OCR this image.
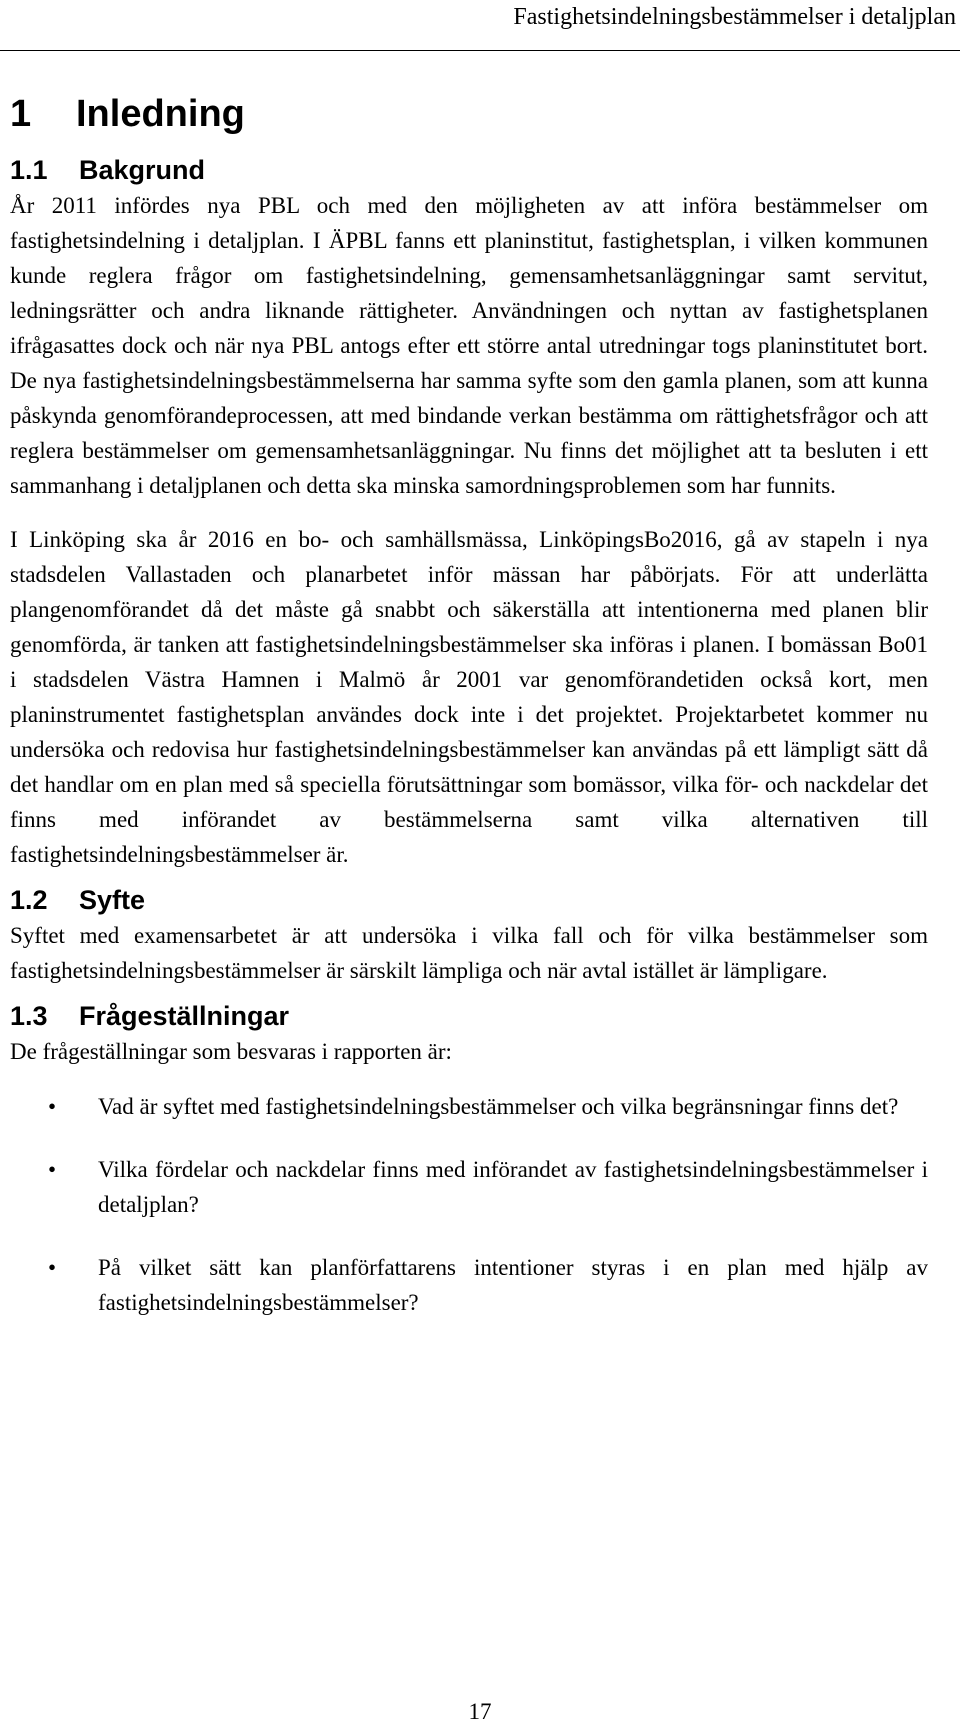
Fastighetsindelningsbestämmelser i detaljplan
1 Inledning
1.1 Bakgrund

År 2011 infördes nya PBL och med den möjligheten av att införa bestämmelser om fastighetsindelning i detaljplan. I ÄPBL fanns ett planinstitut, fastighetsplan, i vilken kommunen kunde reglera frågor om fastighetsindelning, gemensamhetsanläggningar samt servitut, ledningsrätter och andra liknande rättigheter. Användningen och nyttan av fastighetsplanen ifrågasattes dock och när nya PBL antogs efter ett större antal utredningar togs planinstitutet bort. De nya fastighetsindelningsbestämmelserna har samma syfte som den gamla planen, som att kunna påskynda genomförandeprocessen, att med bindande verkan bestämma om rättighetsfrågor och att reglera bestämmelser om gemensamhetsanläggningar. Nu finns det möjlighet att ta besluten i ett sammanhang i detaljplanen och detta ska minska samordningsproblemen som har funnits.

I Linköping ska år 2016 en bo- och samhällsmässa, LinköpingsBo2016, gå av stapeln i nya stadsdelen Vallastaden och planarbetet inför mässan har påbörjats. För att underlätta plangenomförandet då det måste gå snabbt och säkerställa att intentionerna med planen blir genomförda, är tanken att fastighetsindelningsbestämmelser ska införas i planen. I bomässan Bo01 i stadsdelen Västra Hamnen i Malmö år 2001 var genomförandetiden också kort, men planinstrumentet fastighetsplan användes dock inte i det projektet. Projektarbetet kommer nu undersöka och redovisa hur fastighetsindelningsbestämmelser kan användas på ett lämpligt sätt då det handlar om en plan med så speciella förutsättningar som bomässor, vilka för- och nackdelar det finns med införandet av bestämmelserna samt vilka alternativen till fastighetsindelningsbestämmelser är.

1.2 Syfte

Syftet med examensarbetet är att undersöka i vilka fall och för vilka bestämmelser som fastighetsindelningsbestämmelser är särskilt lämpliga och när avtal istället är lämpligare.

1.3 Frågeställningar

De frågeställningar som besvaras i rapporten är:

• Vad är syftet med fastighetsindelningsbestämmelser och vilka begränsningar finns det?
• Vilka fördelar och nackdelar finns med införandet av fastighetsindelningsbestämmelser i detaljplan?
• På vilket sätt kan planförfattarens intentioner styras i en plan med hjälp av fastighetsindelningsbestämmelser?
17
